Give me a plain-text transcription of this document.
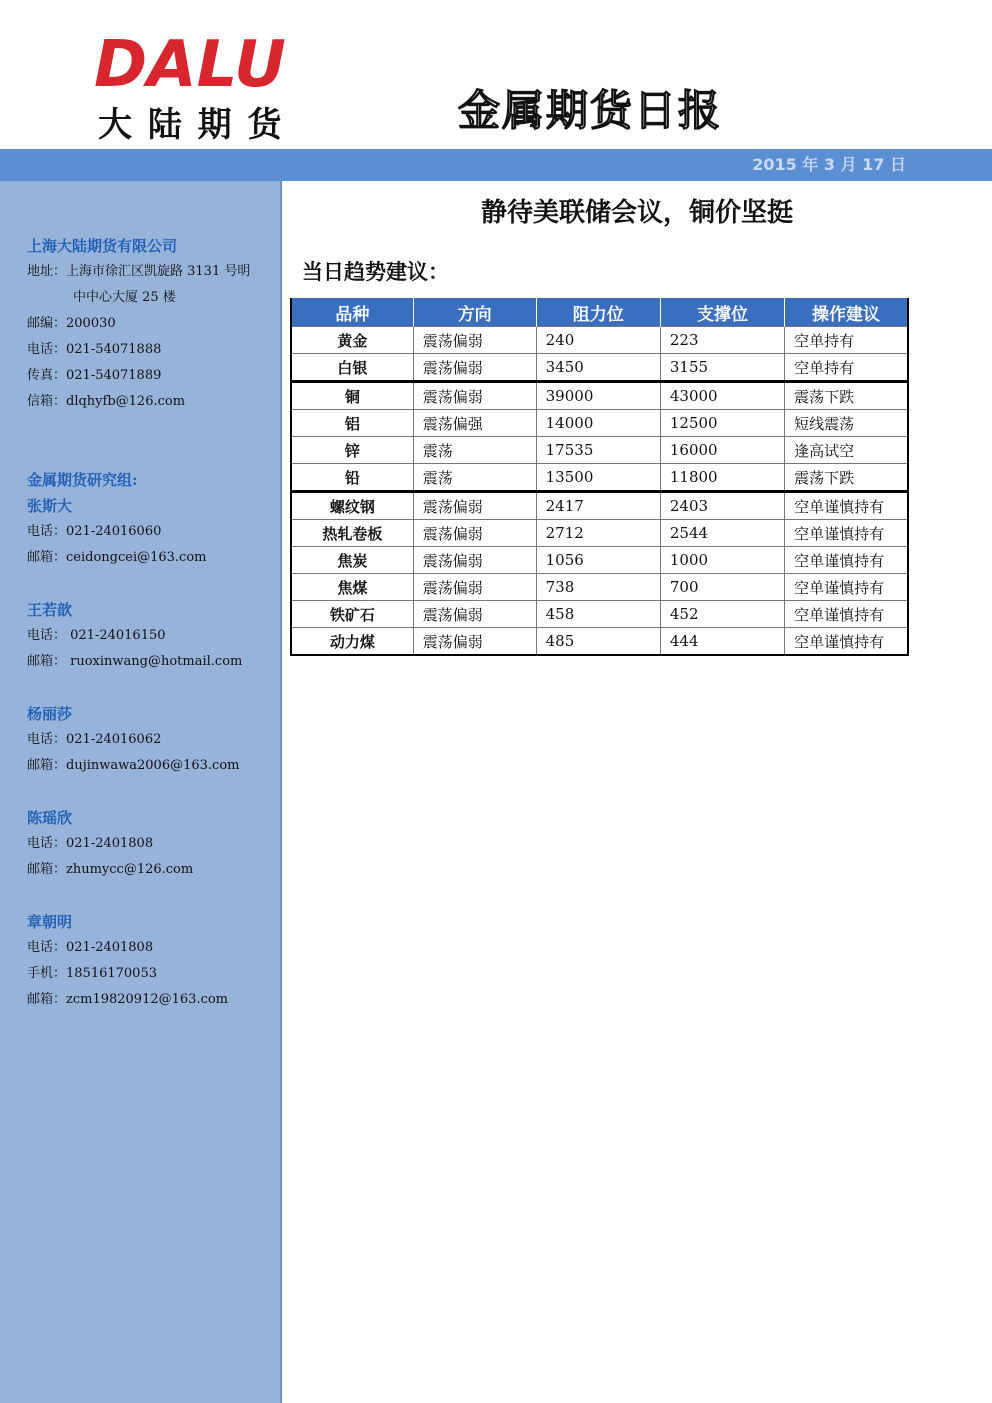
DALU
大 陆 期 货	金属期货日报
2015 年 3 月 17 日
上海大陆期货有限公司
地址：上海市徐汇区凯旋路 3131 号明
中中心大厦 25 楼
邮编：200030
电话：021-54071888
传真：021-54071889
信箱：dlqhyfb@126.com
金属期货研究组:
张斯大
电话：021-24016060
邮箱：ceidongcei@163.com
王若歆
电话： 021-24016150
邮箱： ruoxinwang@hotmail.com
杨丽莎
电话：021-24016062
邮箱：dujinwawa2006@163.com
陈瑶欣
电话：021-2401808
邮箱：zhumycc@126.com
章朝明
电话：021-2401808
手机：18516170053
邮箱：zcm19820912@163.com
静待美联储会议，铜价坚挺
当日趋势建议：
品种	方向	阻力位	支撑位	操作建议
黄金	震荡偏弱	240	223	空单持有
白银	震荡偏弱	3450	3155	空单持有
铜	震荡偏弱	39000	43000	震荡下跌
铝	震荡偏强	14000	12500	短线震荡
锌	震荡	17535	16000	逢高试空
铅	震荡	13500	11800	震荡下跌
螺纹钢	震荡偏弱	2417	2403	空单谨慎持有
热轧卷板	震荡偏弱	2712	2544	空单谨慎持有
焦炭	震荡偏弱	1056	1000	空单谨慎持有
焦煤	震荡偏弱	738	700	空单谨慎持有
铁矿石	震荡偏弱	458	452	空单谨慎持有
动力煤	震荡偏弱	485	444	空单谨慎持有
